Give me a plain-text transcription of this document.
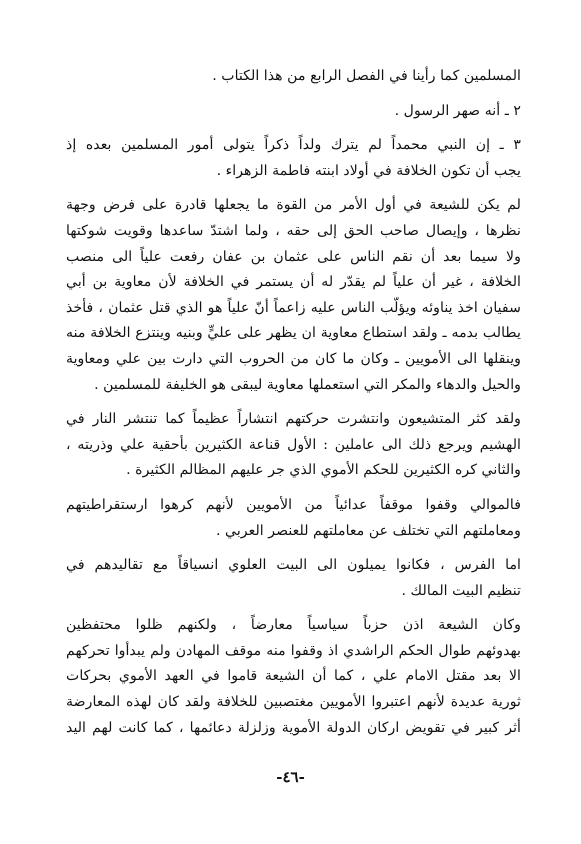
المسلمين كما رأينا في الفصل الرابع من هذا الكتاب .
٢ ـ أنه صهر الرسول .
٣ ـ إن النبي محمداً لم يترك ولداً ذكراً يتولى أمور المسلمين بعده إذ
يجب أن تكون الخلافة في أولاد ابنته فاطمة الزهراء .
لم يكن للشيعة في أول الأمر من القوة ما يجعلها قادرة على فرض وجهة
نظرها ، وإيصال صاحب الحق إلى حقه ، ولما اشتدّ ساعدها وقويت شوكتها
ولا سيما بعد أن نقم الناس على عثمان بن عفان رفعت علياً الى منصب
الخلافة ، غير أن علياً لم يقدّر له أن يستمر في الخلافة لأن معاوية بن أبي
سفيان اخذ يناوئه ويؤلّب الناس عليه زاعماً أنّ علياً هو الذي قتل عثمان ، فأخذ
يطالب بدمه ـ ولقد استطاع معاوية ان يظهر على عليٍّ وبنيه وينتزع الخلافة منه
وينقلها الى الأمويين ـ وكان ما كان من الحروب التي دارت بين علي ومعاوية
والحيل والدهاء والمكر التي استعملها معاوية ليبقى هو الخليفة للمسلمين .
ولقد كثر المتشيعون وانتشرت حركتهم انتشاراً عظيماً كما تنتشر النار في
الهشيم ويرجع ذلك الى عاملين : الأول قناعة الكثيرين بأحقية علي وذريته ،
والثاني كره الكثيرين للحكم الأموي الذي جر عليهم المظالم الكثيرة .
فالموالي وقفوا موقفاً عدائياً من الأمويين لأنهم كرهوا ارستقراطيتهم
ومعاملتهم التي تختلف عن معاملتهم للعنصر العربي .
اما الفرس ، فكانوا يميلون الى البيت العلوي انسياقاً مع تقاليدهم في
تنظيم البيت المالك .
وكان الشيعة اذن حزباً سياسياً معارضاً ، ولكنهم ظلوا محتفظين
بهدوئهم طوال الحكم الراشدي اذ وقفوا منه موقف المهادن ولم يبدأوا تحركهم
الا بعد مقتل الامام علي ، كما أن الشيعة قاموا في العهد الأموي بحركات
ثورية عديدة لأنهم اعتبروا الأمويين مغتصبين للخلافة ولقد كان لهذه المعارضة
أثر كبير في تقويض اركان الدولة الأموية وزلزلة دعائمها ، كما كانت لهم اليد
-٤٦-
